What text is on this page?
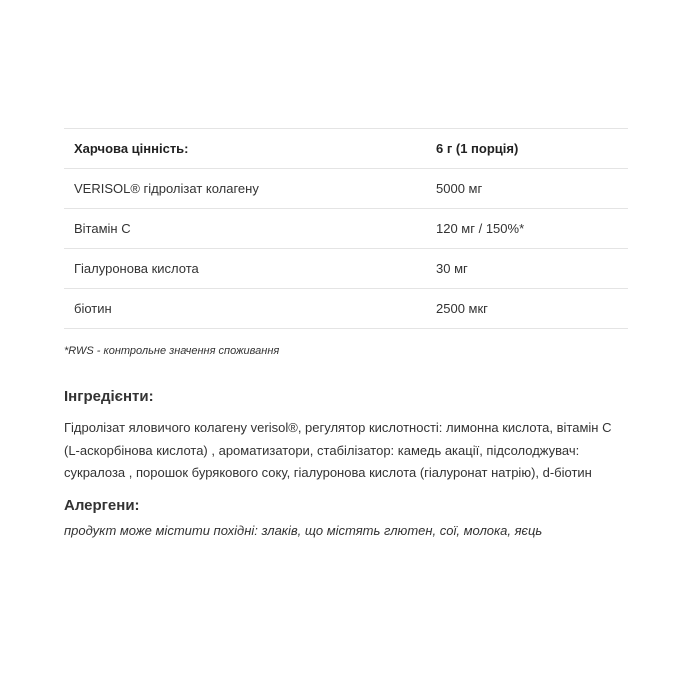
Харчова цінність:	6 г (1 порція)
VERISOL® гідролізат колагену	5000 мг
Вітамін С	120 мг / 150%*
Гіалуронова кислота	30 мг
біотин	2500 мкг

*RWS - контрольне значення споживання

Інгредієнти:

Гідролізат яловичого колагену verisol®, регулятор кислотності: лимонна кислота, вітамін С (L-аскорбінова кислота) , ароматизатори, стабілізатор: камедь акації, підсолоджувач: сукралоза , порошок бурякового соку, гіалуронова кислота (гіалуронат натрію), d-біотин

Алергени:

продукт може містити похідні: злаків, що містять глютен, сої, молока, яєць
